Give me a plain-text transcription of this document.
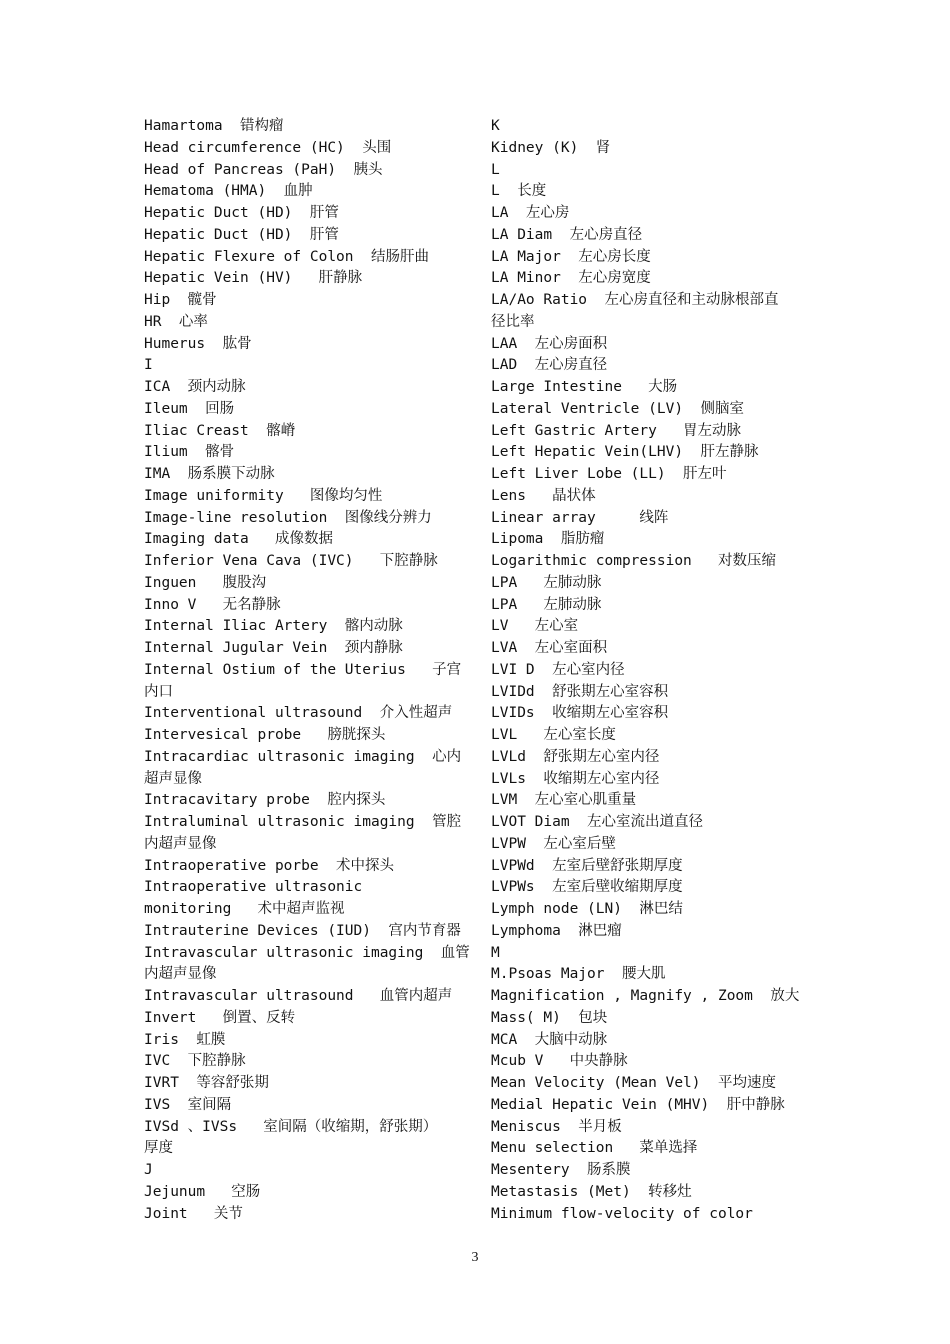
Hamartoma  错构瘤
Head circumference (HC)  头围
Head of Pancreas (PaH)  胰头
Hematoma (HMA)  血肿
Hepatic Duct (HD)  肝管
Hepatic Duct (HD)  肝管
Hepatic Flexure of Colon  结肠肝曲
Hepatic Vein (HV)   肝静脉
Hip  髋骨
HR  心率
Humerus  肱骨
I
ICA  颈内动脉
Ileum  回肠
Iliac Creast  髂嵴
Ilium  髂骨
IMA  肠系膜下动脉
Image uniformity   图像均匀性
Image-line resolution  图像线分辨力
Imaging data   成像数据
Inferior Vena Cava (IVC)   下腔静脉
Inguen   腹股沟
Inno V   无名静脉
Internal Iliac Artery  髂内动脉
Internal Jugular Vein  颈内静脉
Internal Ostium of the Uterius   子宫
内口
Interventional ultrasound  介入性超声
Intervesical probe   膀胱探头
Intracardiac ultrasonic imaging  心内
超声显像
Intracavitary probe  腔内探头
Intraluminal ultrasonic imaging  管腔
内超声显像
Intraoperative porbe  术中探头
Intraoperative ultrasonic
monitoring   术中超声监视
Intrauterine Devices (IUD)  宫内节育器
Intravascular ultrasonic imaging  血管
内超声显像
Intravascular ultrasound   血管内超声
Invert   倒置、反转
Iris  虹膜
IVC  下腔静脉
IVRT  等容舒张期
IVS  室间隔
IVSd 、IVSs   室间隔（收缩期，舒张期）
厚度
J
Jejunum   空肠
Joint   关节
K
Kidney (K)  肾
L
L  长度
LA  左心房
LA Diam  左心房直径
LA Major  左心房长度
LA Minor  左心房宽度
LA/Ao Ratio  左心房直径和主动脉根部直
径比率
LAA  左心房面积
LAD  左心房直径
Large Intestine   大肠
Lateral Ventricle (LV)  侧脑室
Left Gastric Artery   胃左动脉
Left Hepatic Vein(LHV)  肝左静脉
Left Liver Lobe (LL)  肝左叶
Lens   晶状体
Linear array     线阵
Lipoma  脂肪瘤
Logarithmic compression   对数压缩
LPA   左肺动脉
LPA   左肺动脉
LV   左心室
LVA  左心室面积
LVI D  左心室内径
LVIDd  舒张期左心室容积
LVIDs  收缩期左心室容积
LVL   左心室长度
LVLd  舒张期左心室内径
LVLs  收缩期左心室内径
LVM  左心室心肌重量
LVOT Diam  左心室流出道直径
LVPW  左心室后壁
LVPWd  左室后壁舒张期厚度
LVPWs  左室后壁收缩期厚度
Lymph node (LN)  淋巴结
Lymphoma  淋巴瘤
M
M.Psoas Major  腰大肌
Magnification , Magnify , Zoom  放大
Mass( M)  包块
MCA  大脑中动脉
Mcub V   中央静脉
Mean Velocity (Mean Vel)  平均速度
Medial Hepatic Vein (MHV)  肝中静脉
Meniscus  半月板
Menu selection   菜单选择
Mesentery  肠系膜
Metastasis (Met)  转移灶
Minimum flow-velocity of color
3
